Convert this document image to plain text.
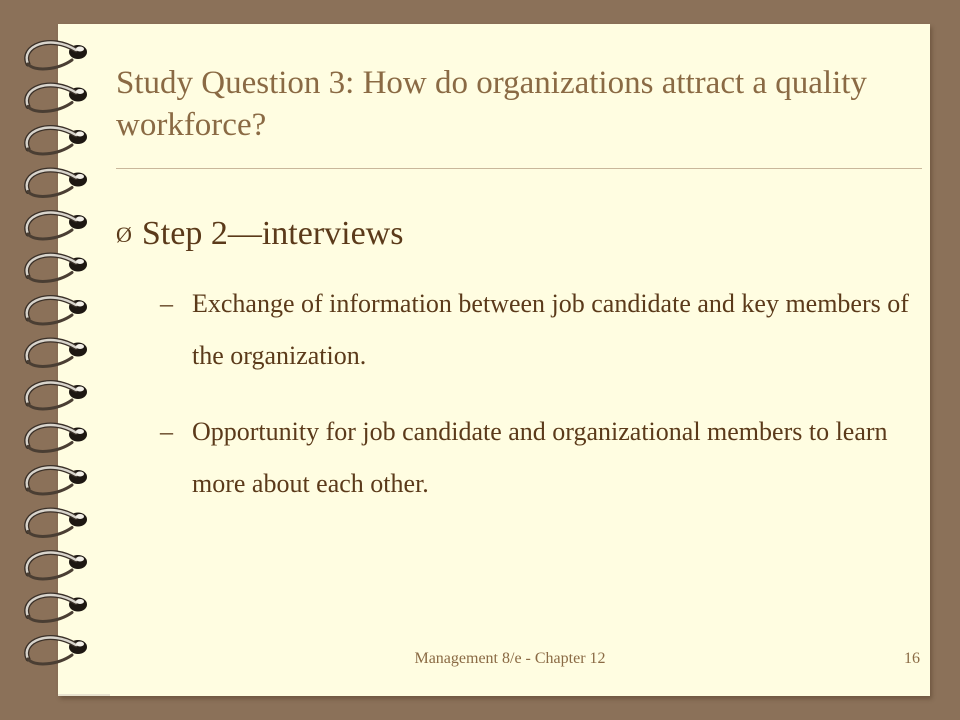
Study Question 3: How do organizations attract a quality workforce?
Ø Step 2—interviews
– Exchange of information between job candidate and key members of the organization.
– Opportunity for job candidate and organizational members to learn more about each other.
Management 8/e - Chapter 12	16
